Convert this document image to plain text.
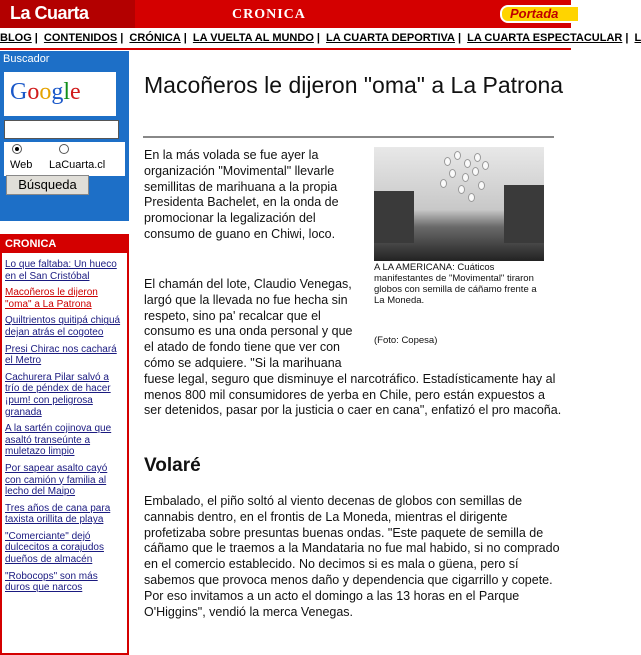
La Cuarta	CRONICA	Portada
BLOG | CONTENIDOS | CRÓNICA | LA VUELTA AL MUNDO | LA CUARTA DEPORTIVA | LA CUARTA ESPECTACULAR | L
Buscador
Google
Web LaCuarta.cl
Búsqueda
CRONICA
Lo que faltaba: Un hueco en el San Cristóbal
Macoñeros le dijeron "oma" a La Patrona
Quiltrientos quitipá chiguá dejan atrás el cogoteo
Presi Chirac nos cachará el Metro
Cachurera Pilar salvó a trío de péndex de hacer ¡pum! con peligrosa granada
A la sartén cojinova que asaltó transeúnte a muletazo limpio
Por sapear asalto cayó con camión y familia al lecho del Maipo
Tres años de cana para taxista orillita de playa
"Comerciante" dejó dulcecitos a corajudos dueños de almacén
"Robocops" son más duros que narcos
Macoñeros le dijeron "oma" a La Patrona
A LA AMERICANA: Cuáticos manifestantes de "Movimental" tiraron globos con semilla de cáñamo frente a La Moneda.
(Foto: Copesa)

En la más volada se fue ayer la organización "Movimental" llevarle semillitas de marihuana a la propia Presidenta Bachelet, en la onda de promocionar la legalización del consumo de guano en Chiwi, loco.

El chamán del lote, Claudio Venegas, largó que la llevada no fue hecha sin respeto, sino pa' recalcar que el consumo es una onda personal y que el atado de fondo tiene que ver con cómo se adquiere. "Si la marihuana fuese legal, seguro que disminuye el narcotráfico. Estadísticamente hay al menos 800 mil consumidores de yerba en Chile, pero están expuestos a ser detenidos, pasar por la justicia o caer en cana", enfatizó el pro macoña.
Volaré

Embalado, el piño soltó al viento decenas de globos con semillas de cannabis dentro, en el frontis de La Moneda, mientras el dirigente profetizaba sobre presuntas buenas ondas. "Este paquete de semilla de cáñamo que le traemos a la Mandataria no fue mal habido, si no comprado en el comercio establecido. No decimos si es mala o güena, pero sí sabemos que provoca menos daño y dependencia que cigarrillo y copete. Por eso invitamos a un acto el domingo a las 13 horas en el Parque O'Higgins", vendió la merca Venegas.
